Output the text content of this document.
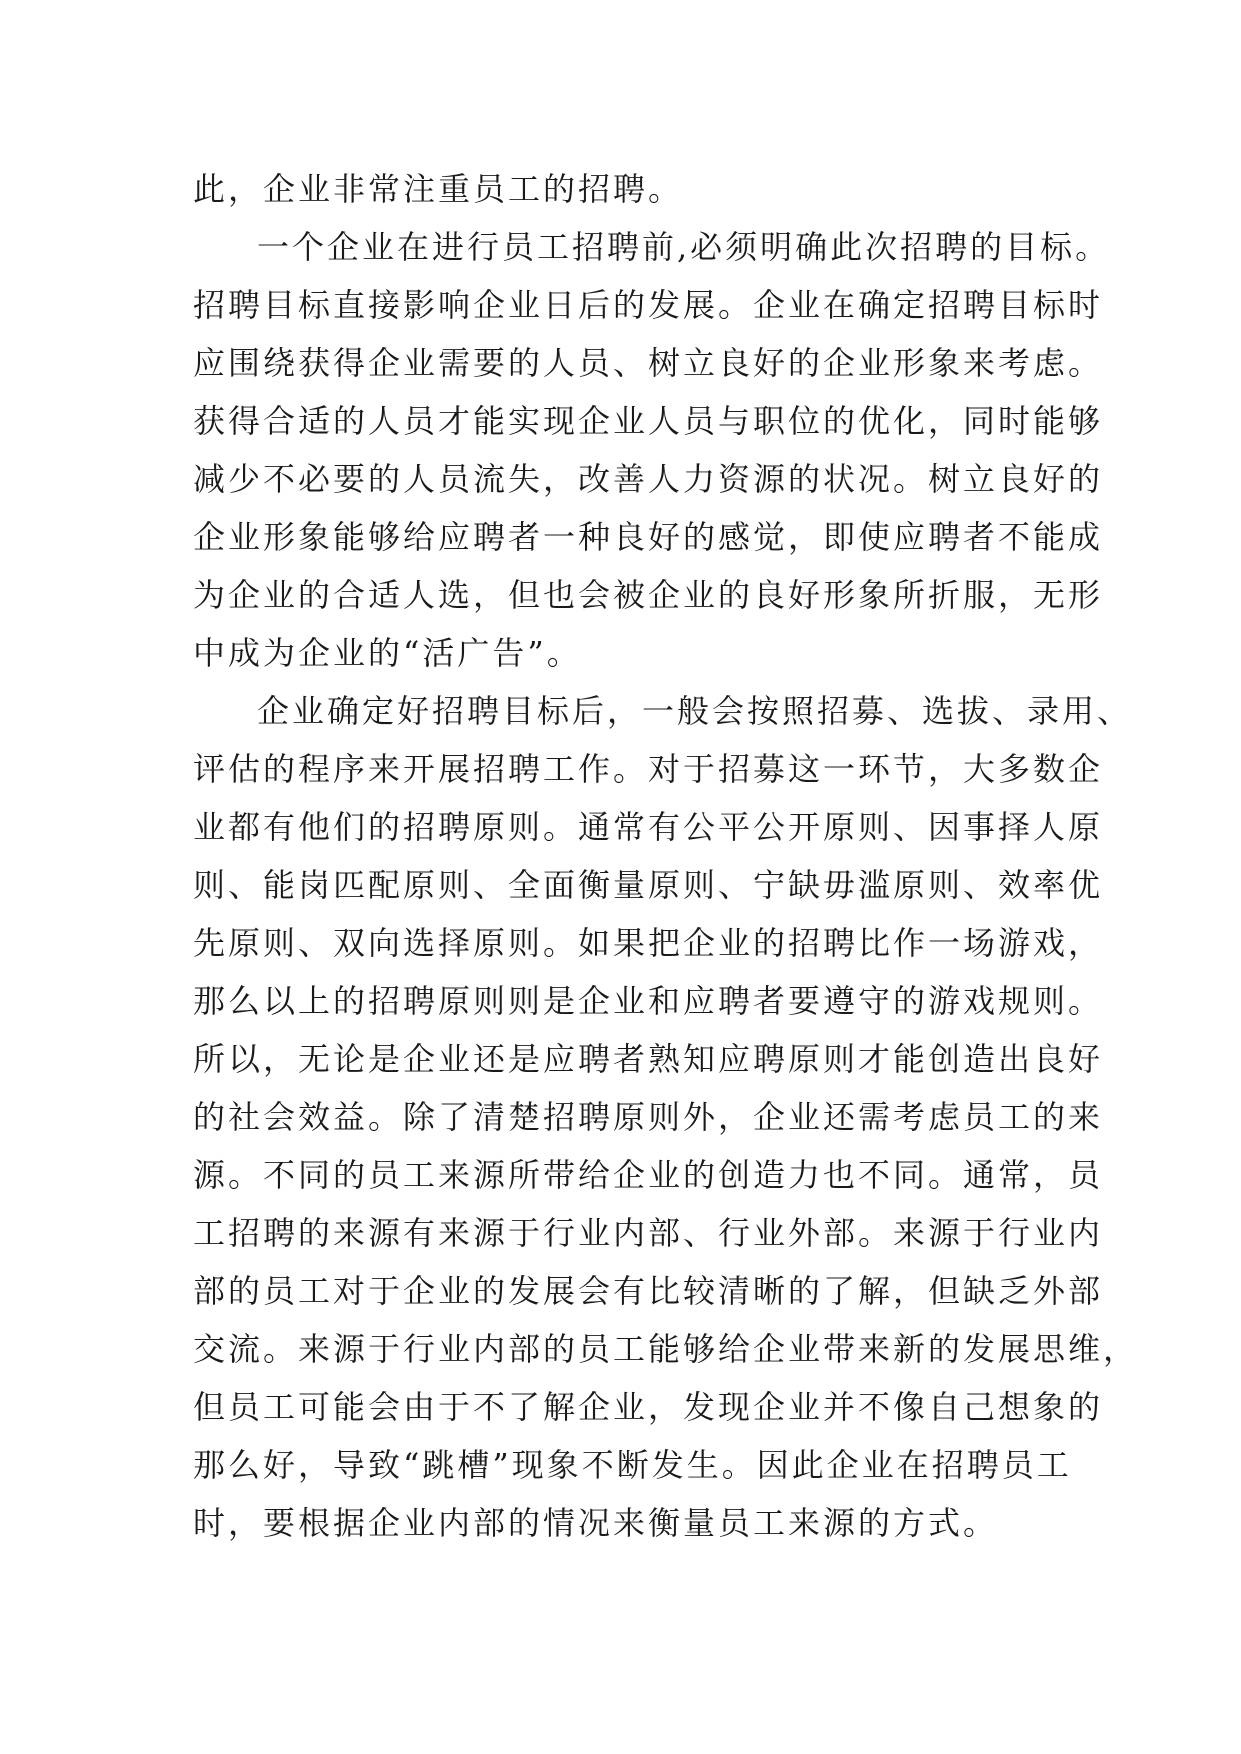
此，企业非常注重员工的招聘。
一个企业在进行员工招聘前,必须明确此次招聘的目标。
招聘目标直接影响企业日后的发展。企业在确定招聘目标时
应围绕获得企业需要的人员、树立良好的企业形象来考虑。
获得合适的人员才能实现企业人员与职位的优化，同时能够
减少不必要的人员流失，改善人力资源的状况。树立良好的
企业形象能够给应聘者一种良好的感觉，即使应聘者不能成
为企业的合适人选，但也会被企业的良好形象所折服，无形
中成为企业的“活广告”。
企业确定好招聘目标后，一般会按照招募、选拔、录用、
评估的程序来开展招聘工作。对于招募这一环节，大多数企
业都有他们的招聘原则。通常有公平公开原则、因事择人原
则、能岗匹配原则、全面衡量原则、宁缺毋滥原则、效率优
先原则、双向选择原则。如果把企业的招聘比作一场游戏，
那么以上的招聘原则则是企业和应聘者要遵守的游戏规则。
所以，无论是企业还是应聘者熟知应聘原则才能创造出良好
的社会效益。除了清楚招聘原则外，企业还需考虑员工的来
源。不同的员工来源所带给企业的创造力也不同。通常，员
工招聘的来源有来源于行业内部、行业外部。来源于行业内
部的员工对于企业的发展会有比较清晰的了解，但缺乏外部
交流。来源于行业内部的员工能够给企业带来新的发展思维，
但员工可能会由于不了解企业，发现企业并不像自己想象的
那么好，导致“跳槽”现象不断发生。因此企业在招聘员工
时，要根据企业内部的情况来衡量员工来源的方式。
